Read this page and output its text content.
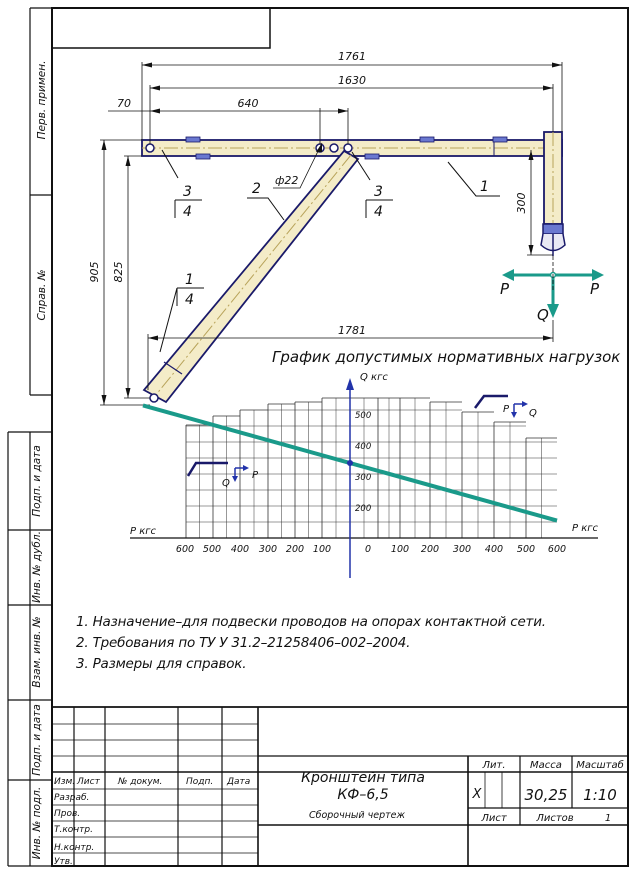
Перв. примен.
Справ. №
Подп. и дата
Инв. № дубл.
Взам. инв. №
Подп. и дата
Инв. № подл.
P	P
Q
1761
1630
640
70
1781
905 825
300
ф22	1
2
3
4
3
4
1
4
График допустимых нормативных нагрузок
Q кгс
600 500 400 300 200 100	0 100 200 300 400 500 600
500
400
300
200
Р кгс	Р кгс
P Q
Q
P
Изм. Лист № докум.	Подп. Дата
Разраб.
Пров.
Т.контр.
Н.контр.
Утв.
Кронштейн типа
КФ–6,5
Сборочный чертеж
Лит. Масса Масштаб
Х	30,25 1:10
Лист	Листов	1
1. Назначение–для подвески проводов на опорах контактной сети.
2. Требования по ТУ У 31.2–21258406–002–2004.
3. Размеры для справок.
